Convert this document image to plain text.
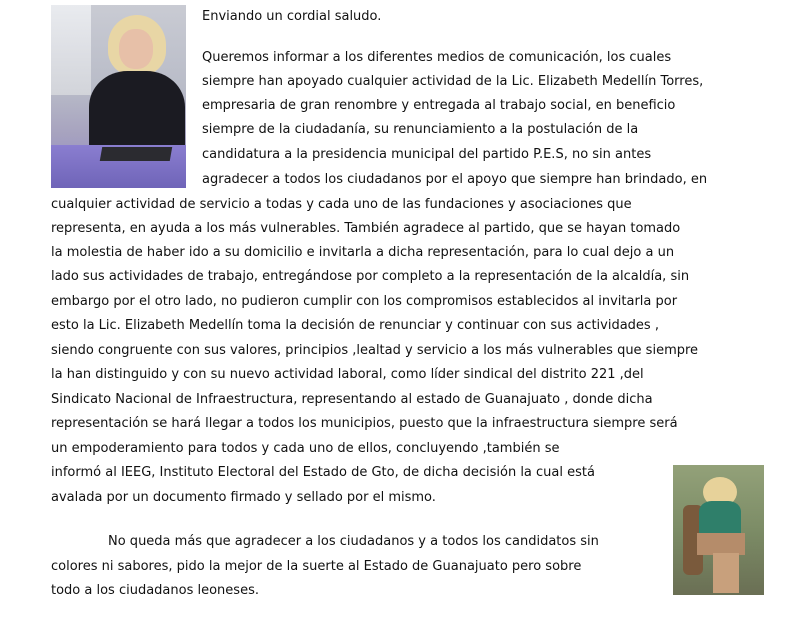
Enviando un cordial saludo.
Queremos informar a los diferentes medios de comunicación, los cuales
siempre han apoyado cualquier actividad de la Lic. Elizabeth Medellín Torres,
empresaria de gran renombre y entregada al trabajo social, en beneficio
siempre de la ciudadanía, su renunciamiento a la postulación de la
candidatura a la presidencia municipal del partido P.E.S, no sin antes
agradecer a todos los ciudadanos por el apoyo que siempre han brindado, en
cualquier actividad de servicio a todas y cada uno de las fundaciones y asociaciones que
representa, en ayuda a los más vulnerables. También agradece al partido, que se hayan tomado
la molestia de haber ido a su domicilio e invitarla a dicha representación, para lo cual dejo a un
lado sus actividades de trabajo, entregándose por completo a la representación de la alcaldía, sin
embargo por el otro lado, no pudieron cumplir con los compromisos establecidos al invitarla por
esto la Lic. Elizabeth Medellín toma la decisión de renunciar y continuar con sus actividades ,
siendo congruente con sus valores, principios ,lealtad y servicio a los más vulnerables que siempre
la han distinguido y con su nuevo actividad laboral, como líder sindical del distrito 221 ,del
Sindicato Nacional de Infraestructura, representando al estado de Guanajuato , donde dicha
representación se hará llegar a todos los municipios, puesto que la infraestructura siempre será
un empoderamiento para todos y cada uno de ellos, concluyendo ,también se
informó al IEEG, Instituto Electoral del Estado de Gto, de dicha decisión la cual está
avalada por un documento firmado y sellado por el mismo.
No queda más que agradecer a los ciudadanos y a todos los candidatos sin
colores ni sabores, pido la mejor de la suerte al Estado de Guanajuato pero sobre
todo a los ciudadanos leoneses.
